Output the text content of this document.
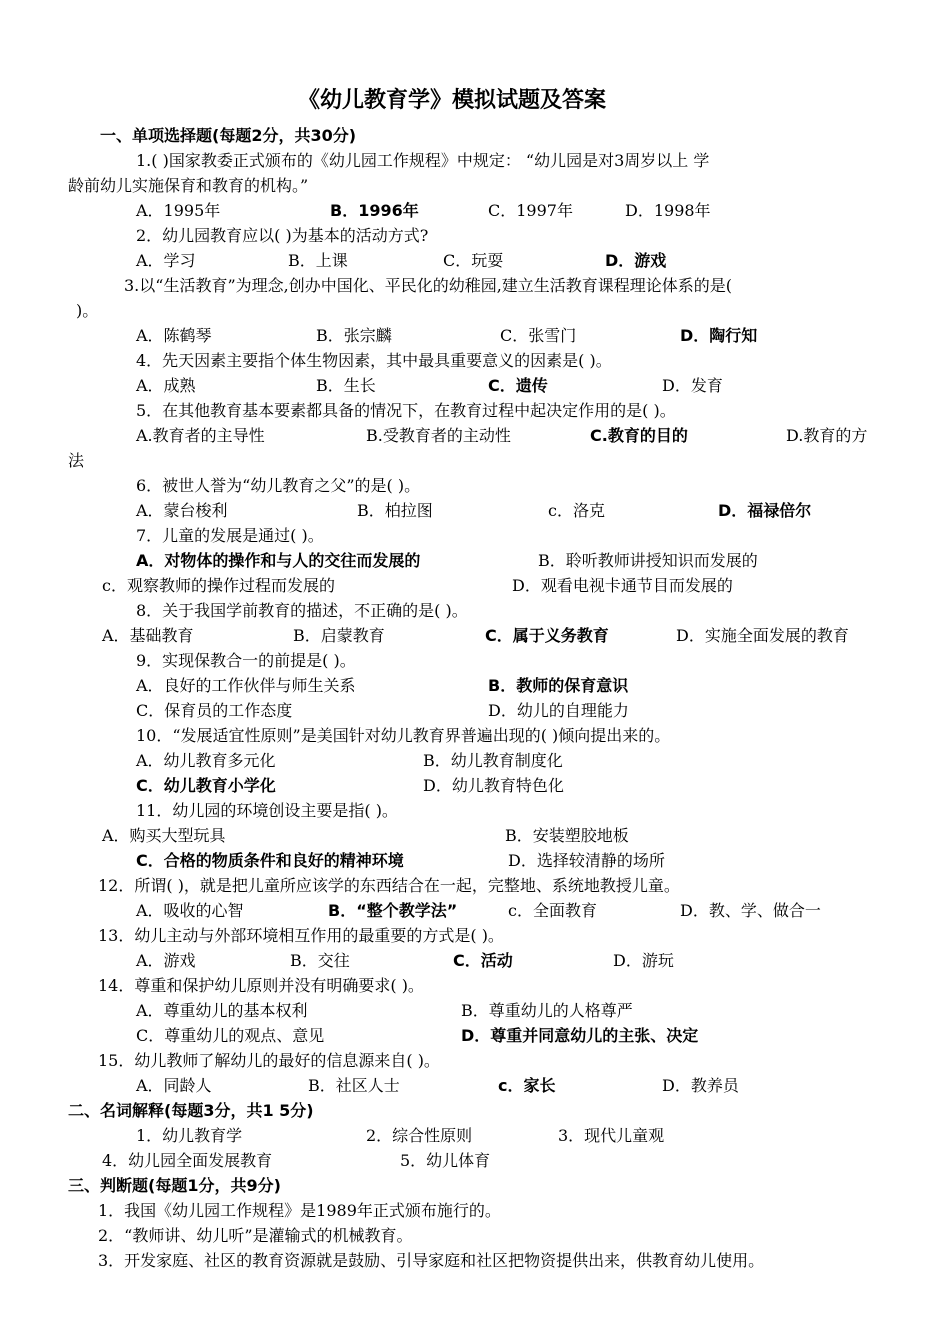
《幼儿教育学》模拟试题及答案
一、单项选择题(每题2分，共30分)
1.( )国家教委正式颁布的《幼儿园工作规程》中规定： “幼儿园是对3周岁以上 学
龄前幼儿实施保育和教育的机构。”
A．1995年	B．1996年	C．1997年	D．1998年
2．幼儿园教育应以( )为基本的活动方式?
A．学习	B．上课	C．玩耍	D．游戏
3.以“生活教育”为理念,创办中国化、平民化的幼稚园,建立生活教育课程理论体系的是(
)。
A．陈鹤琴	B．张宗麟	C．张雪门	D．陶行知
4．先天因素主要指个体生物因素，其中最具重要意义的因素是( )。
A．成熟	B．生长	C．遗传	D．发育
5．在其他教育基本要素都具备的情况下，在教育过程中起决定作用的是( )。
A.教育者的主导性	B.受教育者的主动性	C.教育的目的	D.教育的方
法
6．被世人誉为“幼儿教育之父”的是( )。
A．蒙台梭利	B．柏拉图	c．洛克	D．福禄倍尔
7．儿童的发展是通过( )。
A．对物体的操作和与人的交往而发展的	B．聆听教师讲授知识而发展的
c．观察教师的操作过程而发展的	D．观看电视卡通节目而发展的
8．关于我国学前教育的描述，不正确的是( )。
A．基础教育	B．启蒙教育	C．属于义务教育	D．实施全面发展的教育
9．实现保教合一的前提是( )。
A．良好的工作伙伴与师生关系	B．教师的保育意识
C．保育员的工作态度	D．幼儿的自理能力
10．“发展适宜性原则”是美国针对幼儿教育界普遍出现的( )倾向提出来的。
A．幼儿教育多元化	B．幼儿教育制度化
C．幼儿教育小学化	D．幼儿教育特色化
11．幼儿园的环境创设主要是指( )。
A．购买大型玩具	B．安装塑胶地板
C．合格的物质条件和良好的精神环境	D．选择较清静的场所
12．所谓( )，就是把儿童所应该学的东西结合在一起，完整地、系统地教授儿童。
A．吸收的心智	B．“整个教学法”	c．全面教育	D．教、学、做合一
13．幼儿主动与外部环境相互作用的最重要的方式是( )。
A．游戏	B．交往	C．活动	D．游玩
14．尊重和保护幼儿原则并没有明确要求( )。
A．尊重幼儿的基本权利	B．尊重幼儿的人格尊严
C．尊重幼儿的观点、意见	D．尊重并同意幼儿的主张、决定
15．幼儿教师了解幼儿的最好的信息源来自( )。
A．同龄人	B．社区人士	c．家长	D．教养员
二、名词解释(每题3分，共1 5分)
1．幼儿教育学	2．综合性原则	3．现代儿童观
4．幼儿园全面发展教育	5．幼儿体育
三、判断题(每题1分，共9分)
1．我国《幼儿园工作规程》是1989年正式颁布施行的。
2．“教师讲、幼儿听”是灌输式的机械教育。
3．开发家庭、社区的教育资源就是鼓励、引导家庭和社区把物资提供出来，供教育幼儿使用。
